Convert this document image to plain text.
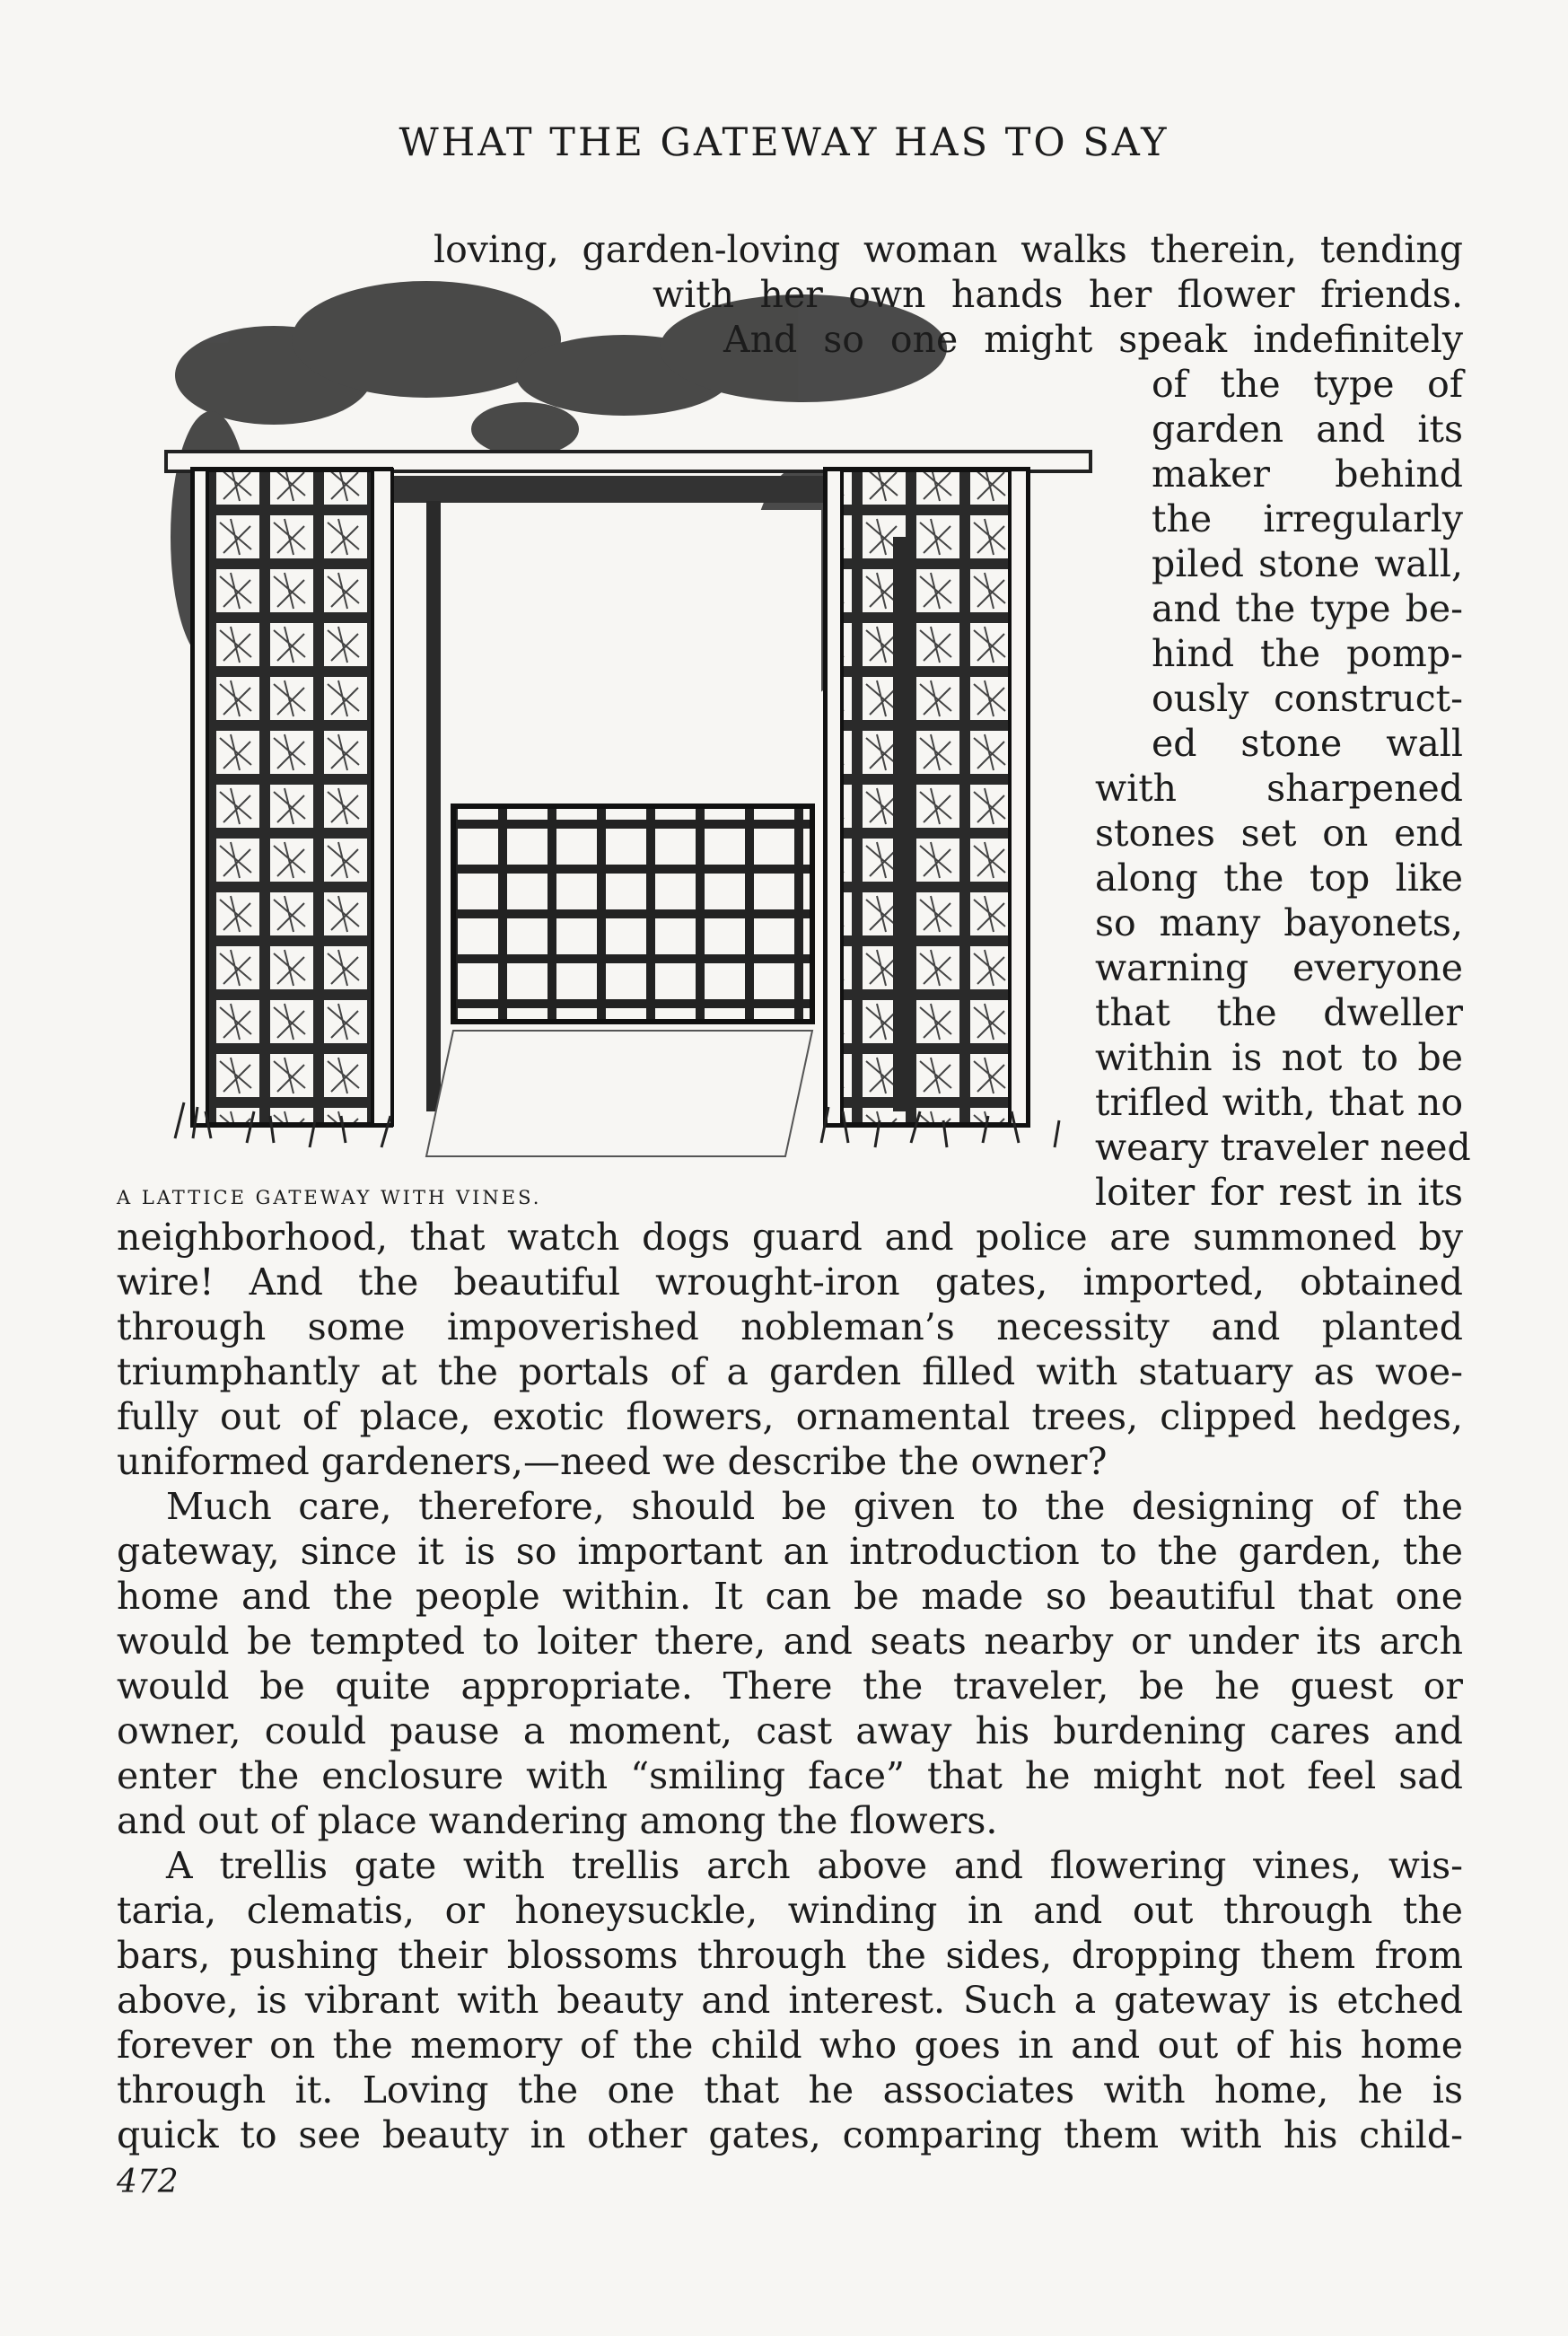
WHAT THE GATEWAY HAS TO SAY
A LATTICE GATEWAY WITH VINES.
loving, garden-loving woman walks therein, tending
with her own hands her flower friends.
And so one might speak indefinitely
of the type of
garden and its
maker behind
the irregularly
piled stone wall,
and the type be-
hind the pomp-
ously construct-
ed stone wall
with sharpened
stones set on end
along the top like
so many bayonets,
warning everyone
that the dweller
within is not to be
trifled with, that no
weary traveler need
loiter for rest in its
neighborhood, that watch dogs guard and police are summoned by
wire! And the beautiful wrought-iron gates, imported, obtained
through some impoverished nobleman’s necessity and planted
triumphantly at the portals of a garden filled with statuary as woe-
fully out of place, exotic flowers, ornamental trees, clipped hedges,
uniformed gardeners,—need we describe the owner?
Much care, therefore, should be given to the designing of the
gateway, since it is so important an introduction to the garden, the
home and the people within. It can be made so beautiful that one
would be tempted to loiter there, and seats nearby or under its arch
would be quite appropriate. There the traveler, be he guest or
owner, could pause a moment, cast away his burdening cares and
enter the enclosure with “smiling face” that he might not feel sad
and out of place wandering among the flowers.
A trellis gate with trellis arch above and flowering vines, wis-
taria, clematis, or honeysuckle, winding in and out through the
bars, pushing their blossoms through the sides, dropping them from
above, is vibrant with beauty and interest. Such a gateway is etched
forever on the memory of the child who goes in and out of his home
through it. Loving the one that he associates with home, he is
quick to see beauty in other gates, comparing them with his child-
472
